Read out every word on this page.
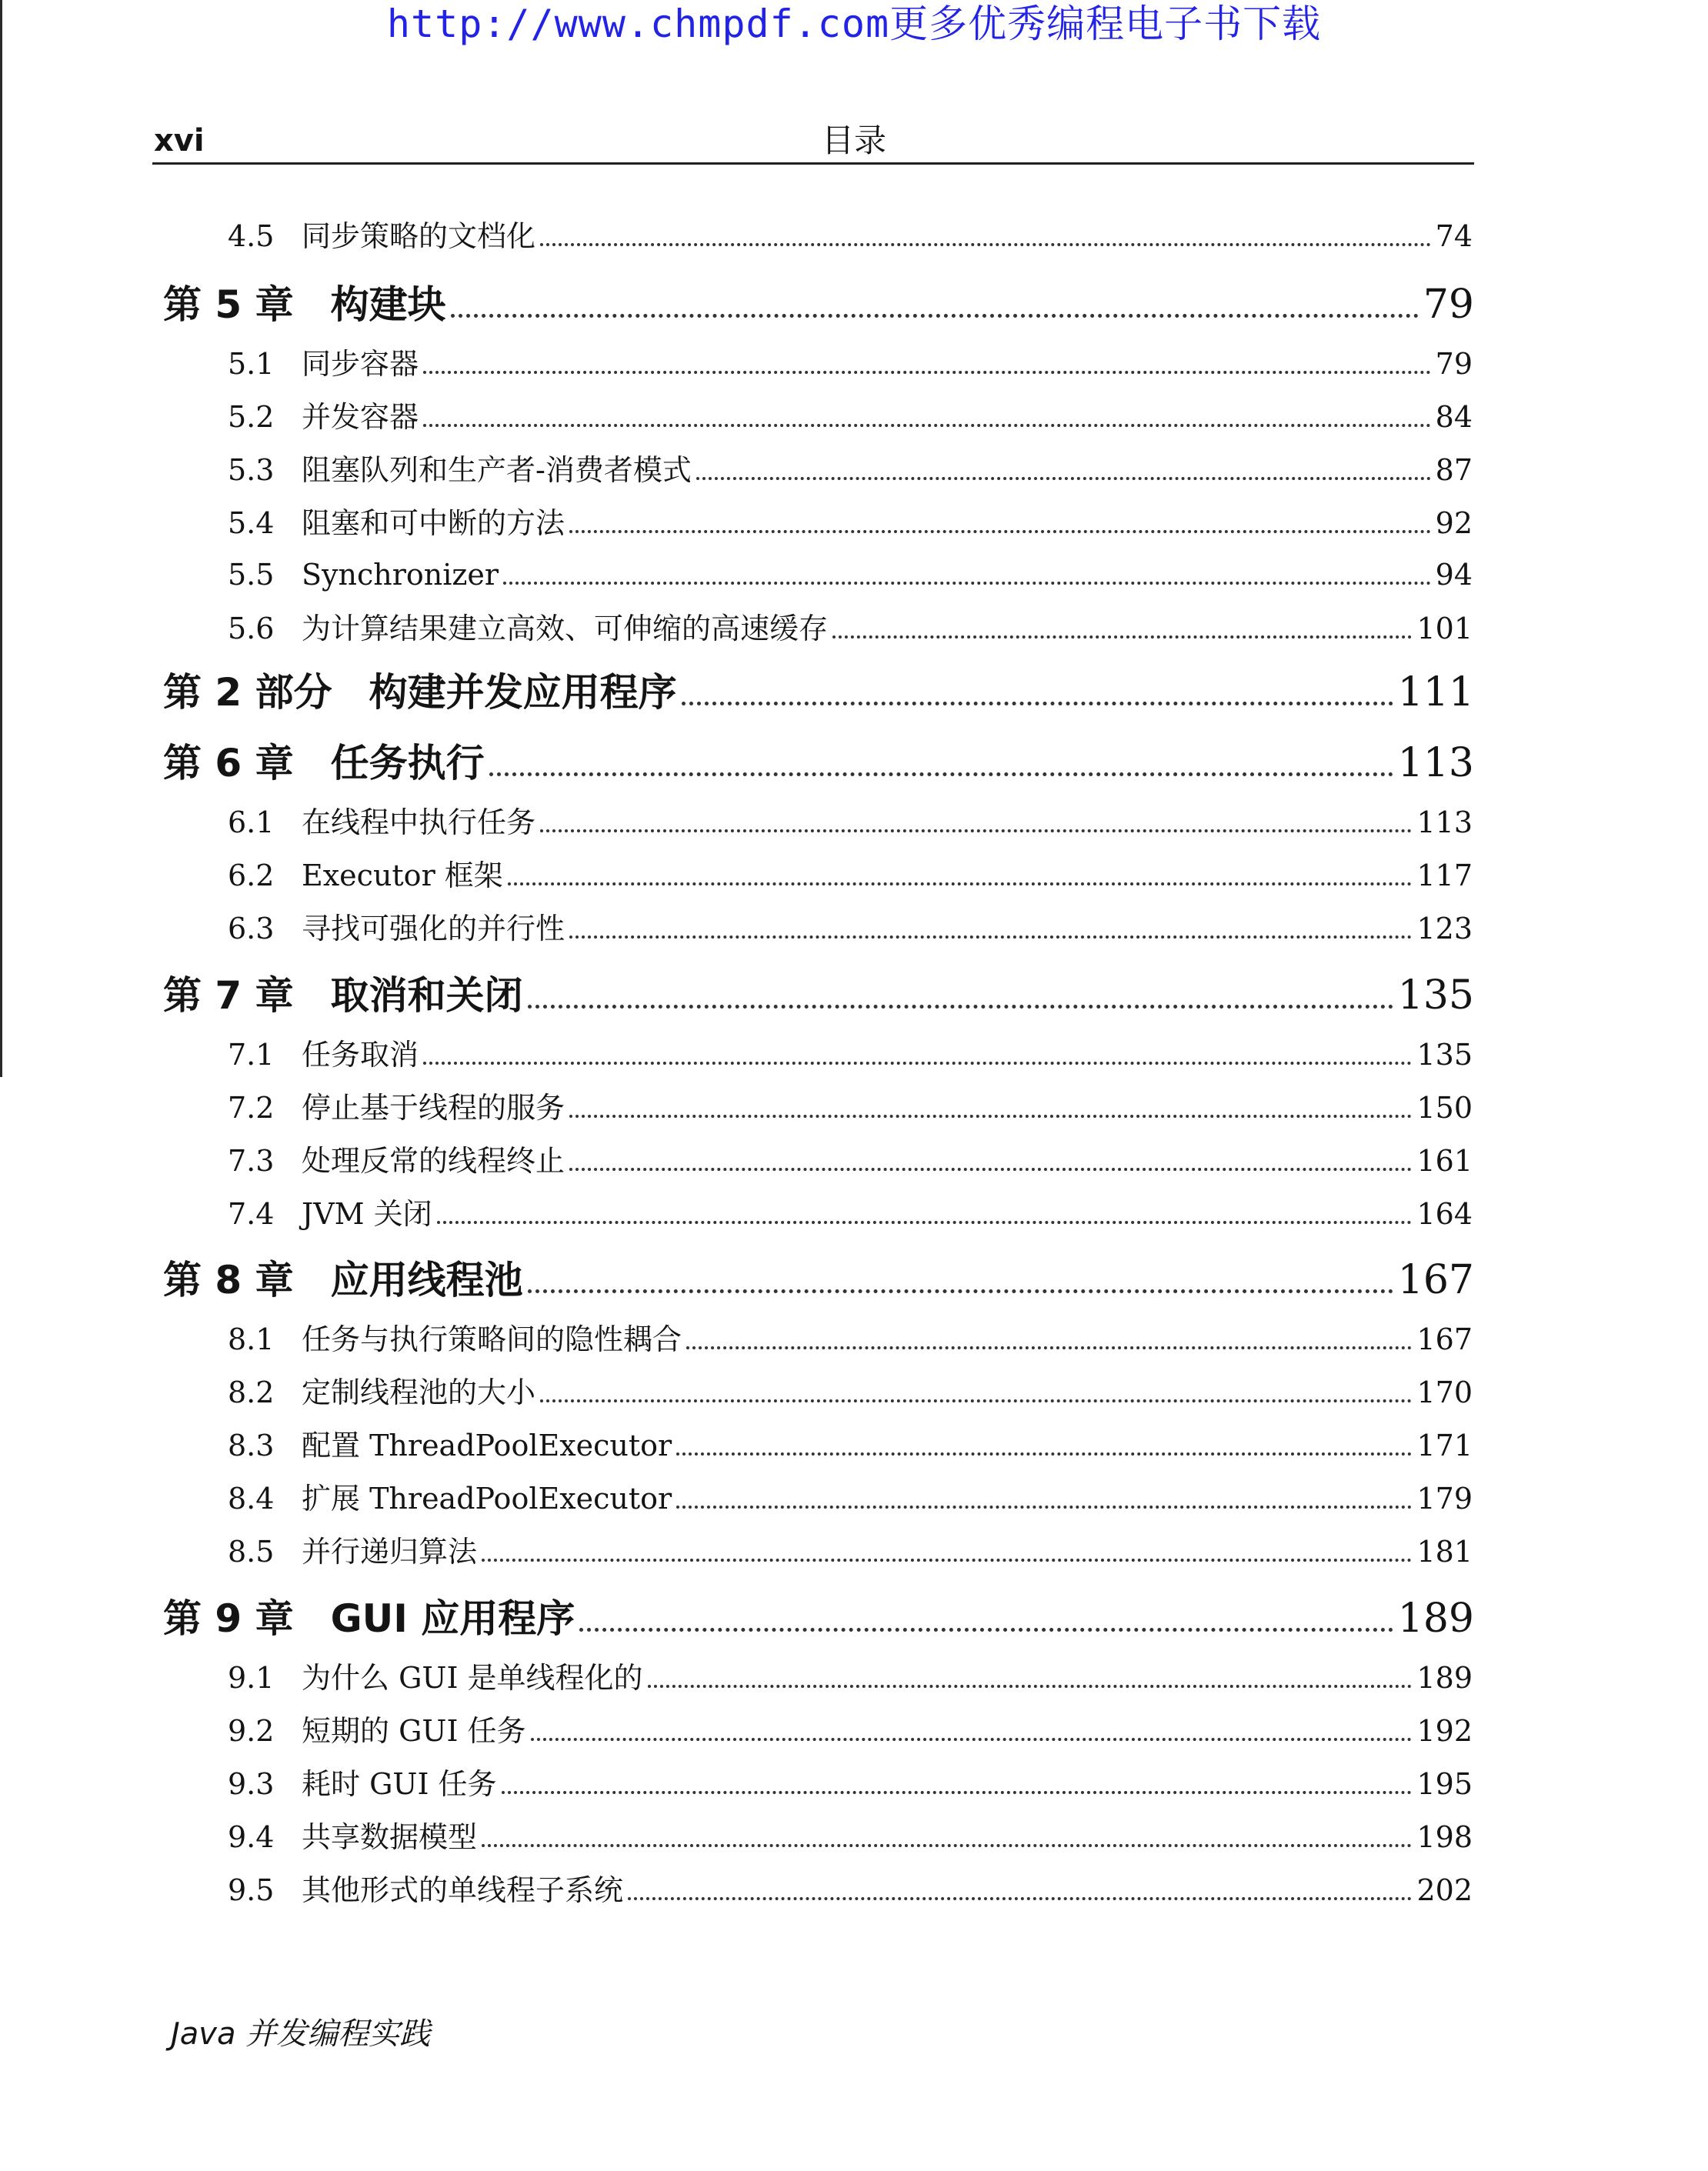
http://www.chmpdf.com更多优秀编程电子书下载
xvi	目录
4.5 同步策略的文档化	74
第 5 章 构建块	79
5.1 同步容器	79
5.2 并发容器	84
5.3 阻塞队列和生产者-消费者模式	87
5.4 阻塞和可中断的方法	92
5.5 Synchronizer	94
5.6 为计算结果建立高效、可伸缩的高速缓存	101
第 2 部分 构建并发应用程序	111
第 6 章 任务执行	113
6.1 在线程中执行任务	113
6.2 Executor 框架	117
6.3 寻找可强化的并行性	123
第 7 章 取消和关闭	135
7.1 任务取消	135
7.2 停止基于线程的服务	150
7.3 处理反常的线程终止	161
7.4 JVM 关闭	164
第 8 章 应用线程池	167
8.1 任务与执行策略间的隐性耦合	167
8.2 定制线程池的大小	170
8.3 配置 ThreadPoolExecutor	171
8.4 扩展 ThreadPoolExecutor	179
8.5 并行递归算法	181
第 9 章 GUI 应用程序	189
9.1 为什么 GUI 是单线程化的	189
9.2 短期的 GUI 任务	192
9.3 耗时 GUI 任务	195
9.4 共享数据模型	198
9.5 其他形式的单线程子系统	202
Java 并发编程实践
